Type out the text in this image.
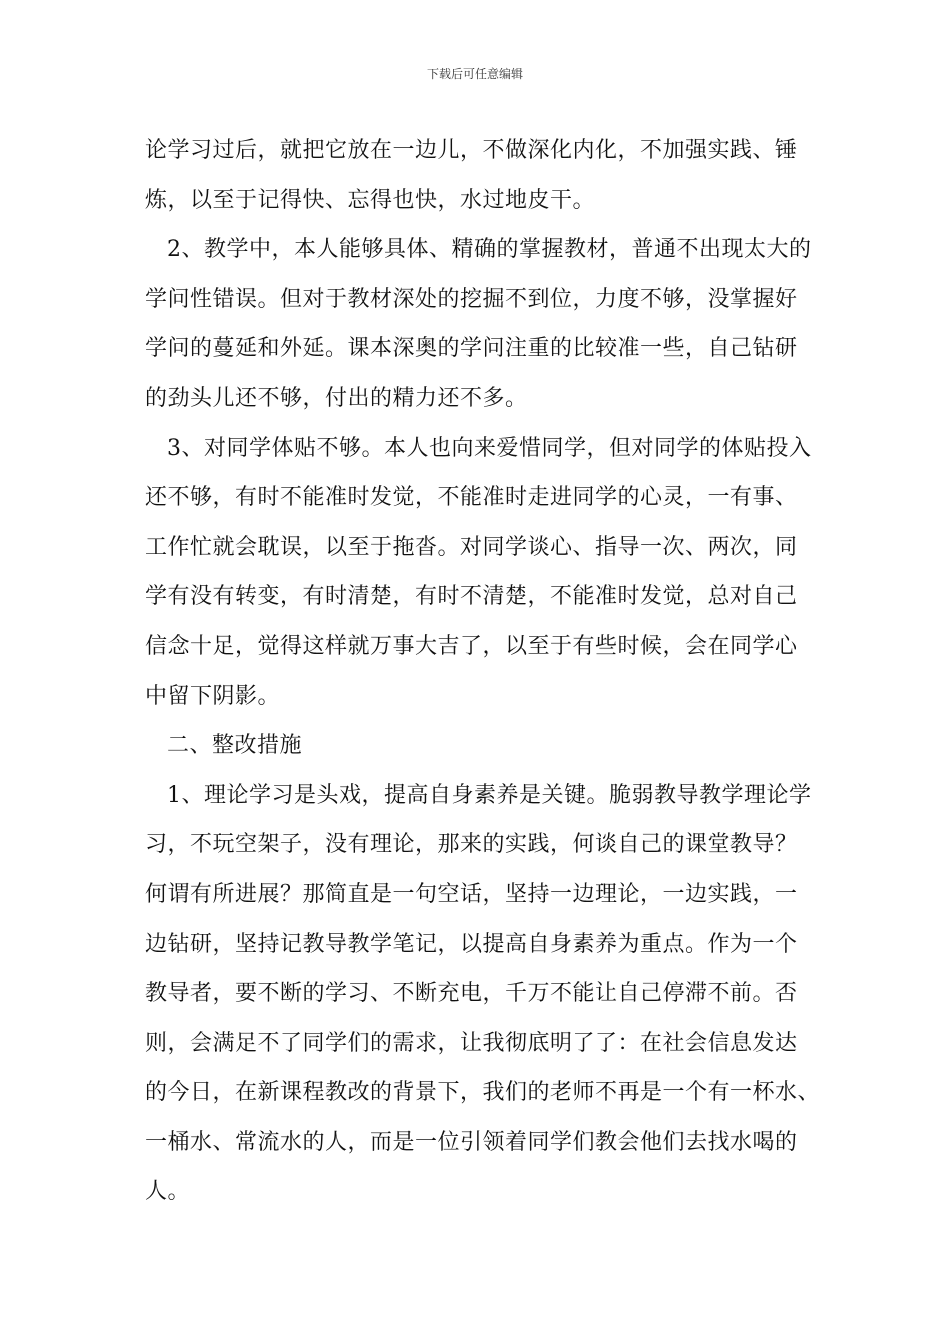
下载后可任意编辑
论学习过后，就把它放在一边儿，不做深化内化，不加强实践、锤
炼，以至于记得快、忘得也快，水过地皮干。
2、教学中，本人能够具体、精确的掌握教材，普通不出现太大的
学问性错误。但对于教材深处的挖掘不到位，力度不够，没掌握好
学问的蔓延和外延。课本深奥的学问注重的比较准一些，自己钻研
的劲头儿还不够，付出的精力还不多。
3、对同学体贴不够。本人也向来爱惜同学，但对同学的体贴投入
还不够，有时不能准时发觉，不能准时走进同学的心灵，一有事、
工作忙就会耽误，以至于拖沓。对同学谈心、指导一次、两次，同
学有没有转变，有时清楚，有时不清楚，不能准时发觉，总对自己
信念十足，觉得这样就万事大吉了，以至于有些时候，会在同学心
中留下阴影。
二、整改措施
1、理论学习是头戏，提高自身素养是关键。脆弱教导教学理论学
习，不玩空架子，没有理论，那来的实践，何谈自己的课堂教导？
何谓有所进展？那简直是一句空话，坚持一边理论，一边实践，一
边钻研，坚持记教导教学笔记，以提高自身素养为重点。作为一个
教导者，要不断的学习、不断充电，千万不能让自己停滞不前。否
则，会满足不了同学们的需求，让我彻底明了了：在社会信息发达
的今日，在新课程教改的背景下，我们的老师不再是一个有一杯水、
一桶水、常流水的人，而是一位引领着同学们教会他们去找水喝的
人。
